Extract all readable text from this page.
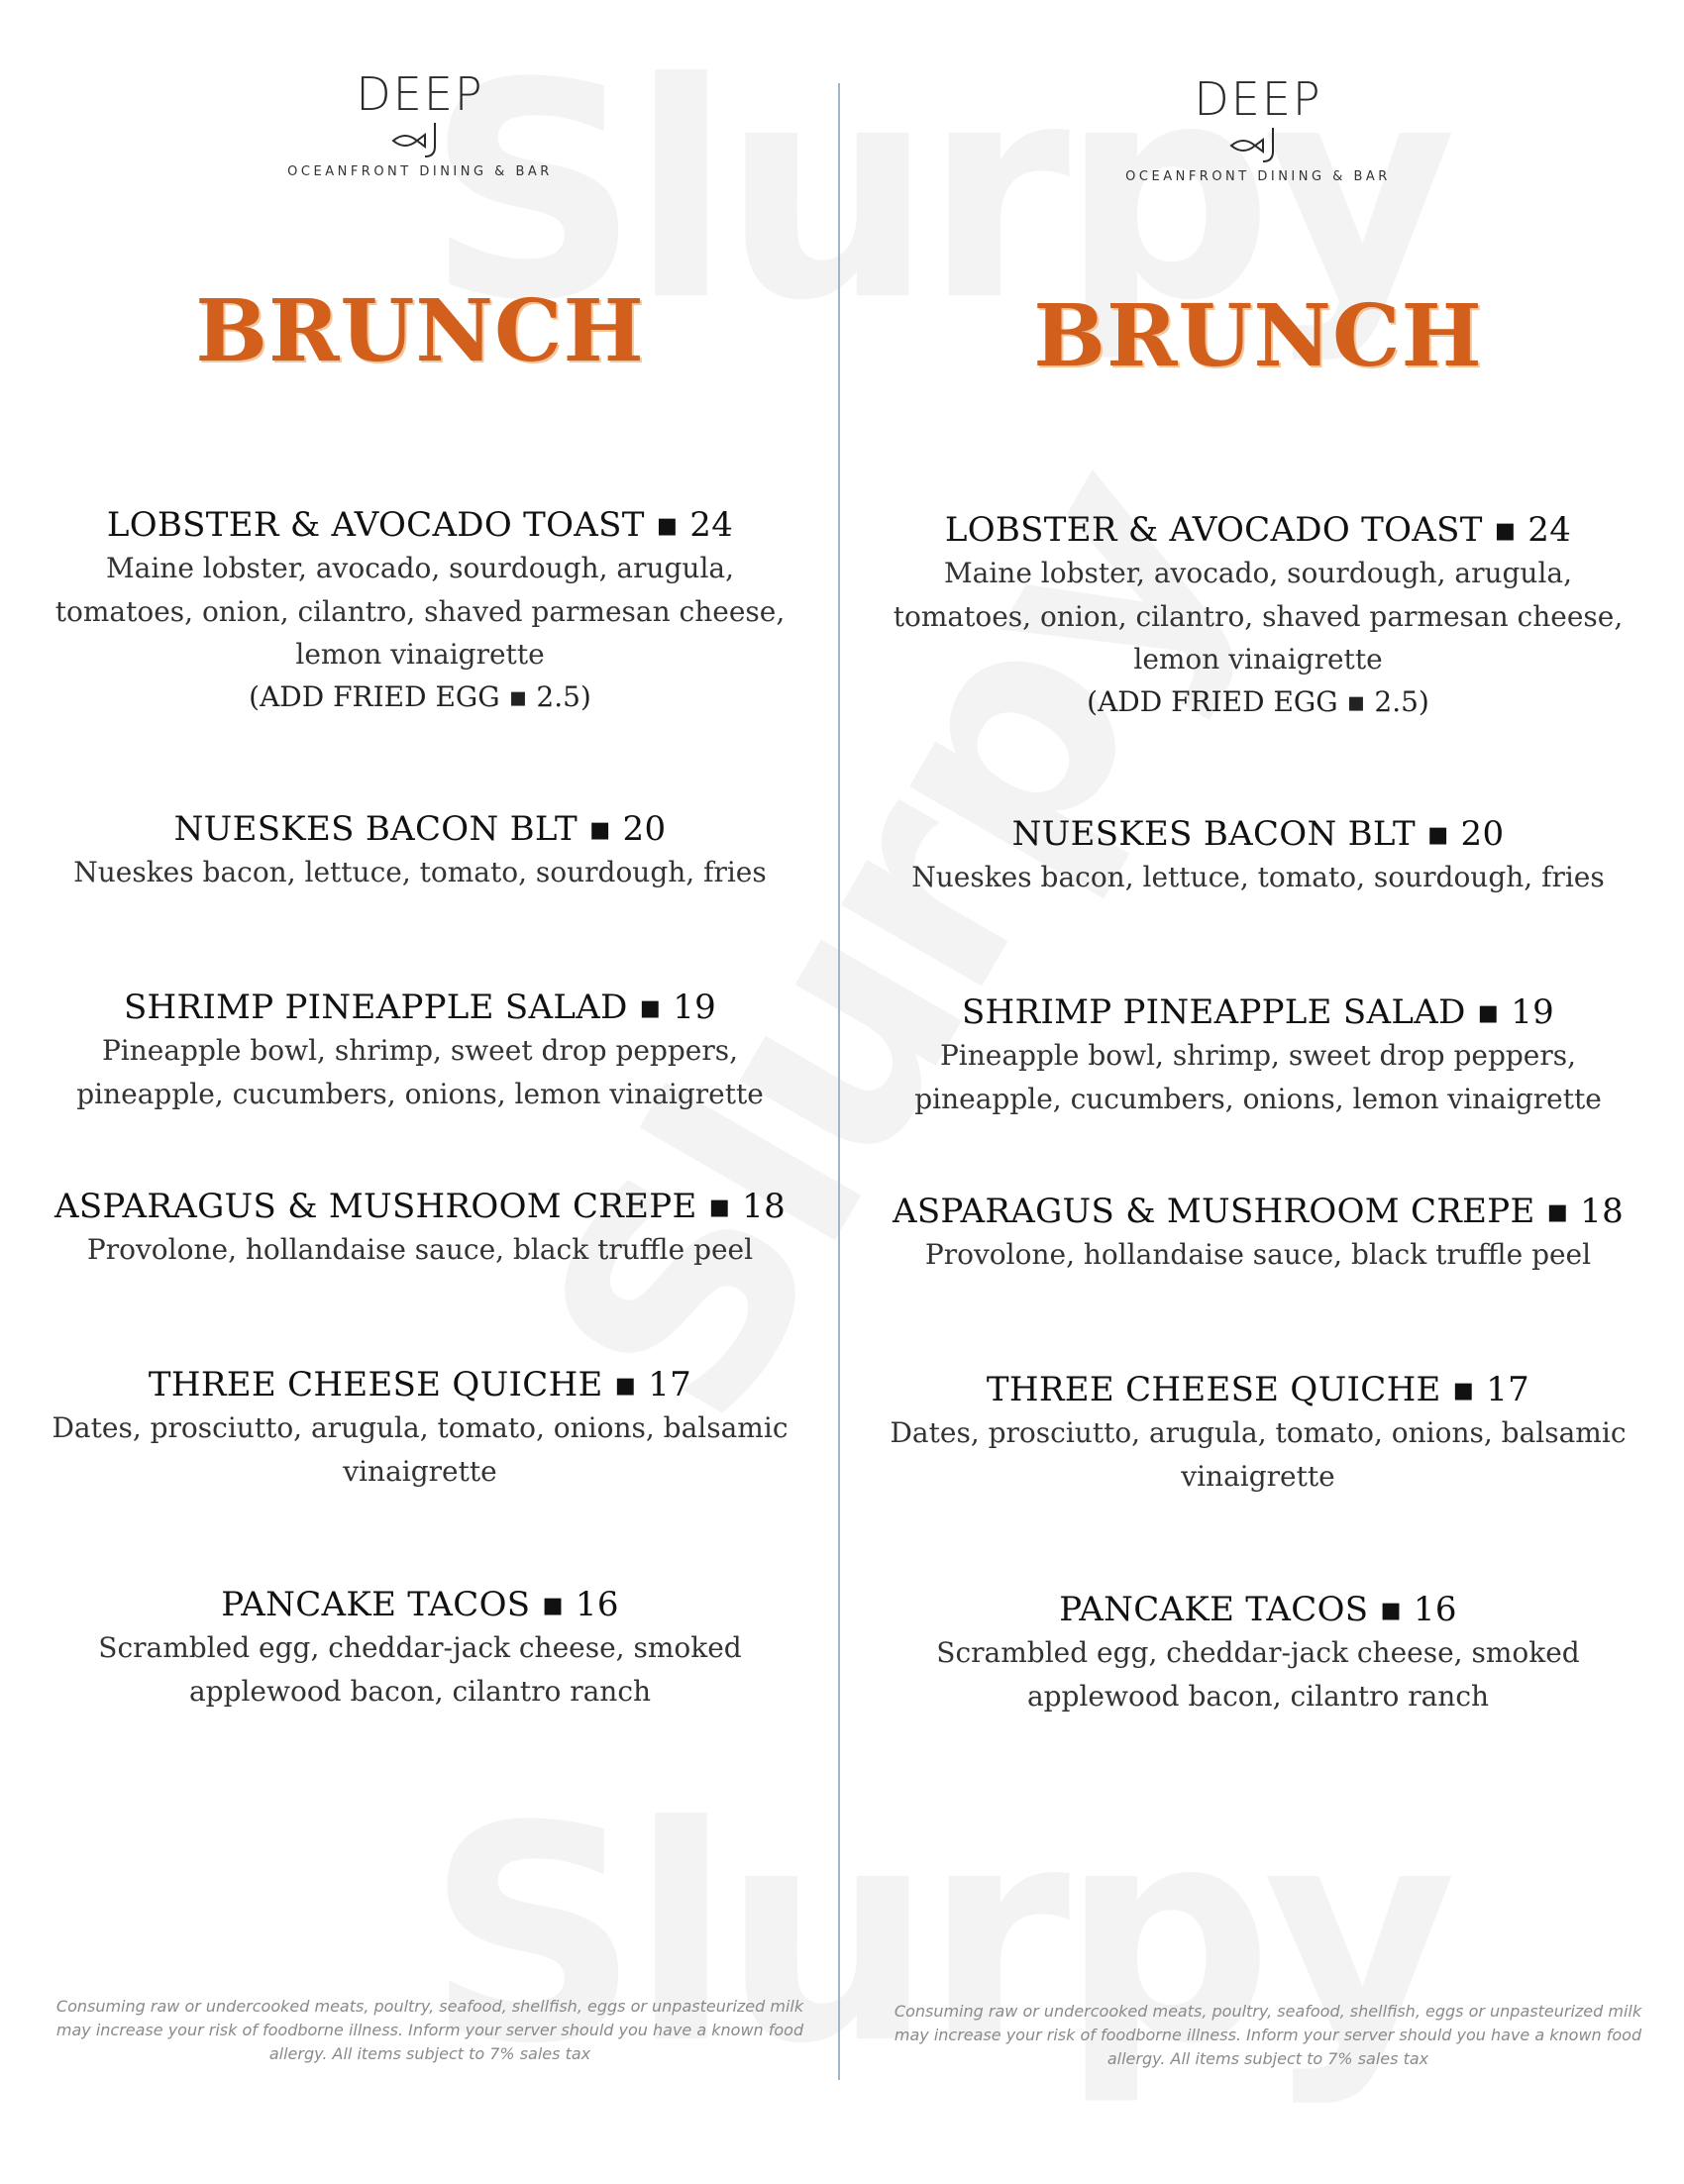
DEEP
OCEANFRONT DINING & BAR
BRUNCH
LOBSTER & AVOCADO TOAST ▪ 24
Maine lobster, avocado, sourdough, arugula, tomatoes, onion, cilantro, shaved parmesan cheese, lemon vinaigrette
(ADD FRIED EGG ▪ 2.5)
NUESKES BACON BLT ▪ 20
Nueskes bacon, lettuce, tomato, sourdough, fries
SHRIMP PINEAPPLE SALAD ▪ 19
Pineapple bowl, shrimp, sweet drop peppers, pineapple, cucumbers, onions, lemon vinaigrette
ASPARAGUS & MUSHROOM CREPE ▪ 18
Provolone, hollandaise sauce, black truffle peel
THREE CHEESE QUICHE ▪ 17
Dates, prosciutto, arugula, tomato, onions, balsamic vinaigrette
PANCAKE TACOS ▪ 16
Scrambled egg, cheddar-jack cheese, smoked applewood bacon, cilantro ranch
Consuming raw or undercooked meats, poultry, seafood, shellfish, eggs or unpasteurized milk may increase your risk of foodborne illness. Inform your server should you have a known food allergy. All items subject to 7% sales tax
DEEP
OCEANFRONT DINING & BAR
BRUNCH
LOBSTER & AVOCADO TOAST ▪ 24
Maine lobster, avocado, sourdough, arugula, tomatoes, onion, cilantro, shaved parmesan cheese, lemon vinaigrette
(ADD FRIED EGG ▪ 2.5)
NUESKES BACON BLT ▪ 20
Nueskes bacon, lettuce, tomato, sourdough, fries
SHRIMP PINEAPPLE SALAD ▪ 19
Pineapple bowl, shrimp, sweet drop peppers, pineapple, cucumbers, onions, lemon vinaigrette
ASPARAGUS & MUSHROOM CREPE ▪ 18
Provolone, hollandaise sauce, black truffle peel
THREE CHEESE QUICHE ▪ 17
Dates, prosciutto, arugula, tomato, onions, balsamic vinaigrette
PANCAKE TACOS ▪ 16
Scrambled egg, cheddar-jack cheese, smoked applewood bacon, cilantro ranch
Consuming raw or undercooked meats, poultry, seafood, shellfish, eggs or unpasteurized milk may increase your risk of foodborne illness. Inform your server should you have a known food allergy. All items subject to 7% sales tax
